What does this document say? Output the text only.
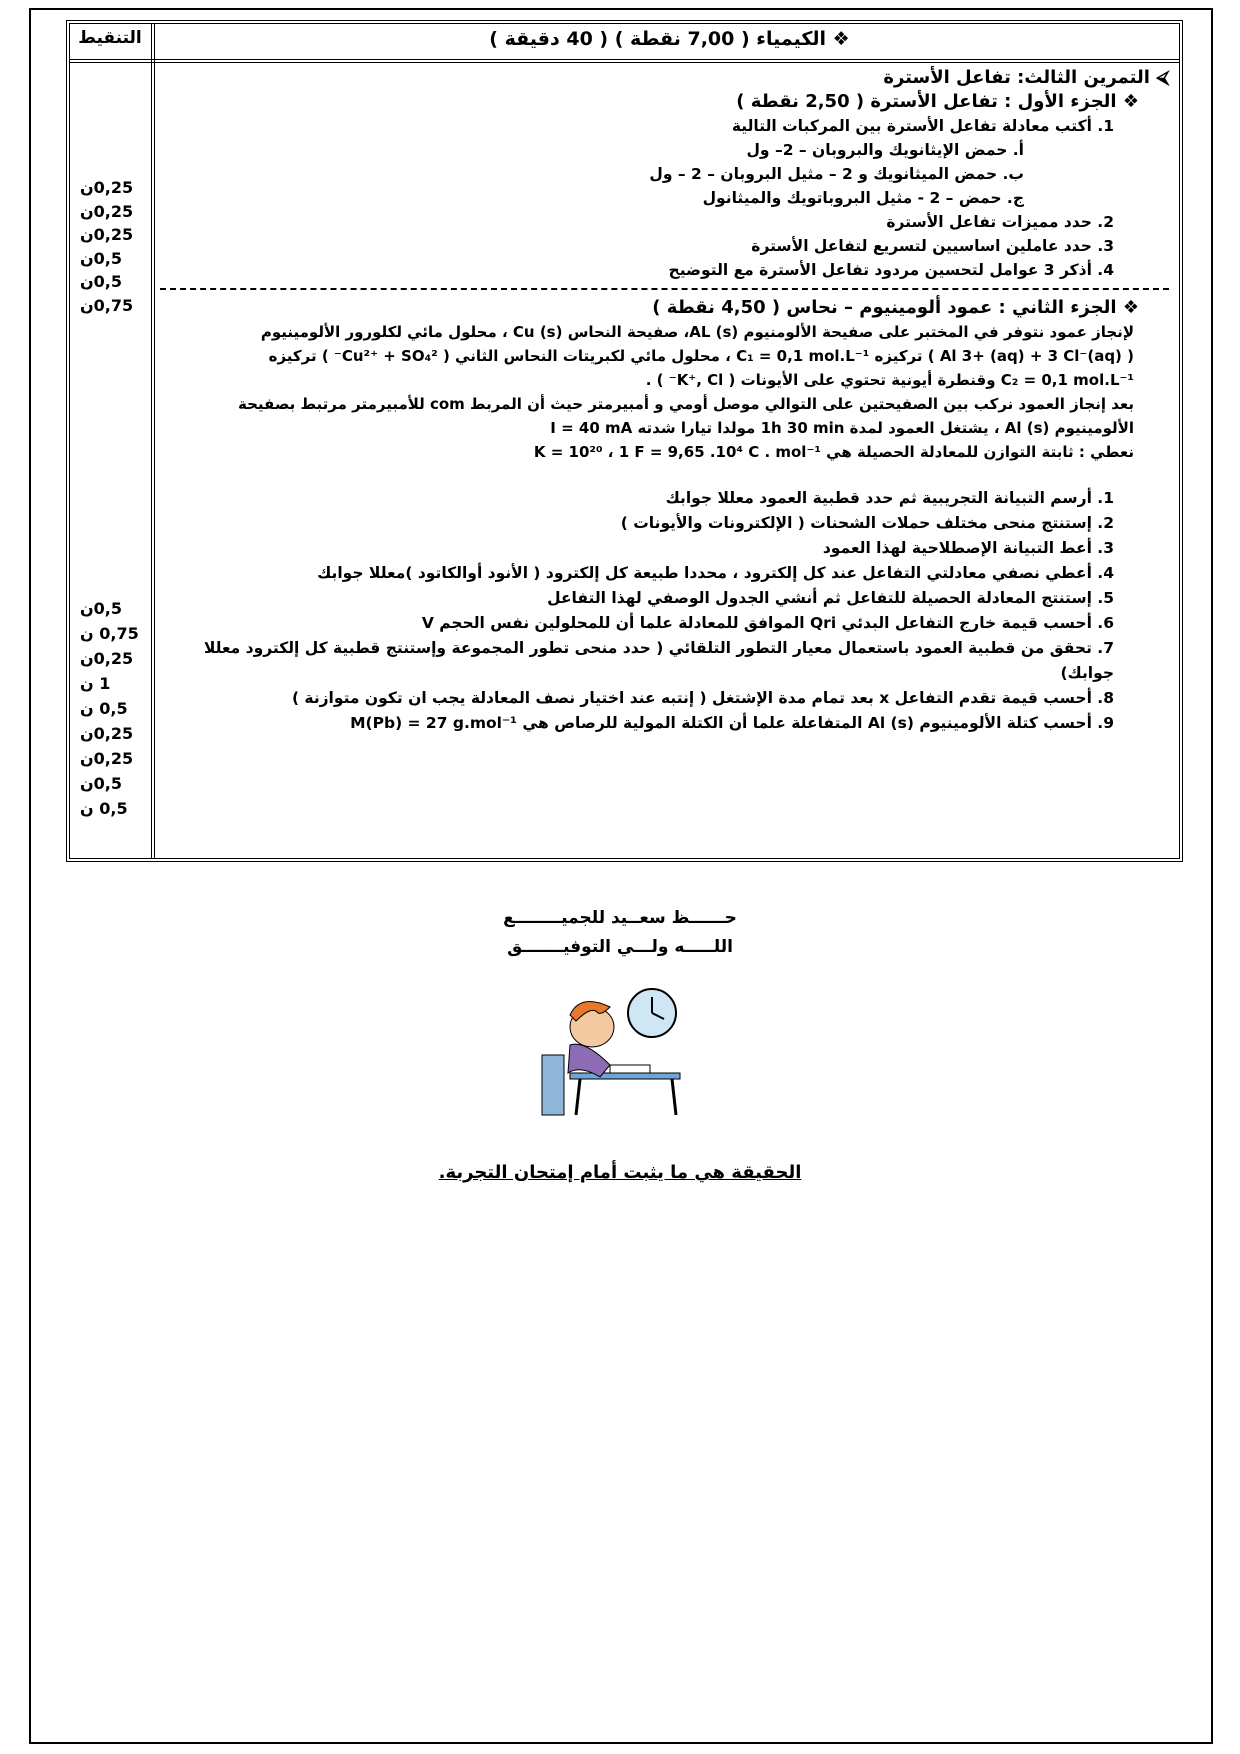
التنقيط	❖ الكيمياء ( 7,00 نقطة ) ( 40 دقيقة )
0,25ن
0,25ن
0,25ن
0,5ن
0,5ن
0,75ن
0,5ن
0,75 ن
0,25ن
1 ن
0,5 ن
0,25ن
0,25ن
0,5ن
0,5 ن
⮘ التمرين الثالث: تفاعل الأسترة
❖ الجزء الأول : تفاعل الأسترة ( 2,50 نقطة )
1. أكتب معادلة تفاعل الأسترة بين المركبات التالية
أ. حمض الإيثانويك والبروبان – 2– ول
ب. حمض الميثانويك و 2 – مثيل البروبان – 2 – ول
ج. حمض – 2 - مثيل البروباتويك والميثانول
2. حدد مميزات تفاعل الأسترة
3. حدد عاملين اساسيين لتسريع لتفاعل الأسترة
4. أذكر 3 عوامل لتحسين مردود تفاعل الأسترة مع التوضيح
❖ الجزء الثاني : عمود ألومينيوم – نحاس ( 4,50 نقطة )
لإنجاز عمود نتوفر في المختبر على صفيحة الألومنيوم AL (s)، صفيحة النحاس Cu (s) ، محلول مائي لكلورور الألومينيوم
( Al 3+ (aq) + 3 Cl⁻(aq) ) تركيزه C₁ = 0,1 mol.L⁻¹ ، محلول مائي لكبريتات النحاس الثاني ( Cu²⁺ + SO₄²⁻ ) تركيزه
C₂ = 0,1 mol.L⁻¹ وقنطرة أيونية تحتوي على الأيونات ( K⁺, Cl⁻ ) .
بعد إنجاز العمود نركب بين الصفيحتين على التوالي موصل أومي و أمبيرمتر حيث أن المربط com للأمبيرمتر مرتبط بصفيحة
الألومينيوم Al (s) ، يشتغل العمود لمدة 1h 30 min مولدا تيارا شدته I = 40 mA
نعطي : ثابتة التوازن للمعادلة الحصيلة هي K = 10²⁰ ، 1 F = 9,65 .10⁴ C . mol⁻¹
1. أرسم التبيانة التجريبية ثم حدد قطبية العمود معللا جوابك
2. إستنتج منحى مختلف حملات الشحنات ( الإلكترونات والأيونات )
3. أعط التبيانة الإصطلاحية لهذا العمود
4. أعطي نصفي معادلتي التفاعل عند كل إلكترود ، محددا طبيعة كل إلكترود ( الأنود أوالكاتود )معللا جوابك
5. إستنتج المعادلة الحصيلة للتفاعل ثم أنشي الجدول الوصفي لهذا التفاعل
6. أحسب قيمة خارج التفاعل البدئي Qri الموافق للمعادلة علما أن للمحلولين نفس الحجم V
7. تحقق من قطبية العمود باستعمال معيار التطور التلقائي ( حدد منحى تطور المجموعة وإستنتج قطبية كل إلكترود معللا جوابك)
8. أحسب قيمة تقدم التفاعل x بعد تمام مدة الإشتغل ( إنتبه عند اختيار نصف المعادلة يجب ان تكون متوازنة )
9. أحسب كتلة الألومينيوم Al (s) المتفاعلة علما أن الكتلة المولية للرصاص هي M(Pb) = 27 g.mol⁻¹
حــــــظ سعــيد للجميــــــــع
اللـــــه ولـــي التوفيـــــــق
الحقيقة هي ما يثبت أمام إمتحان التجربة.
